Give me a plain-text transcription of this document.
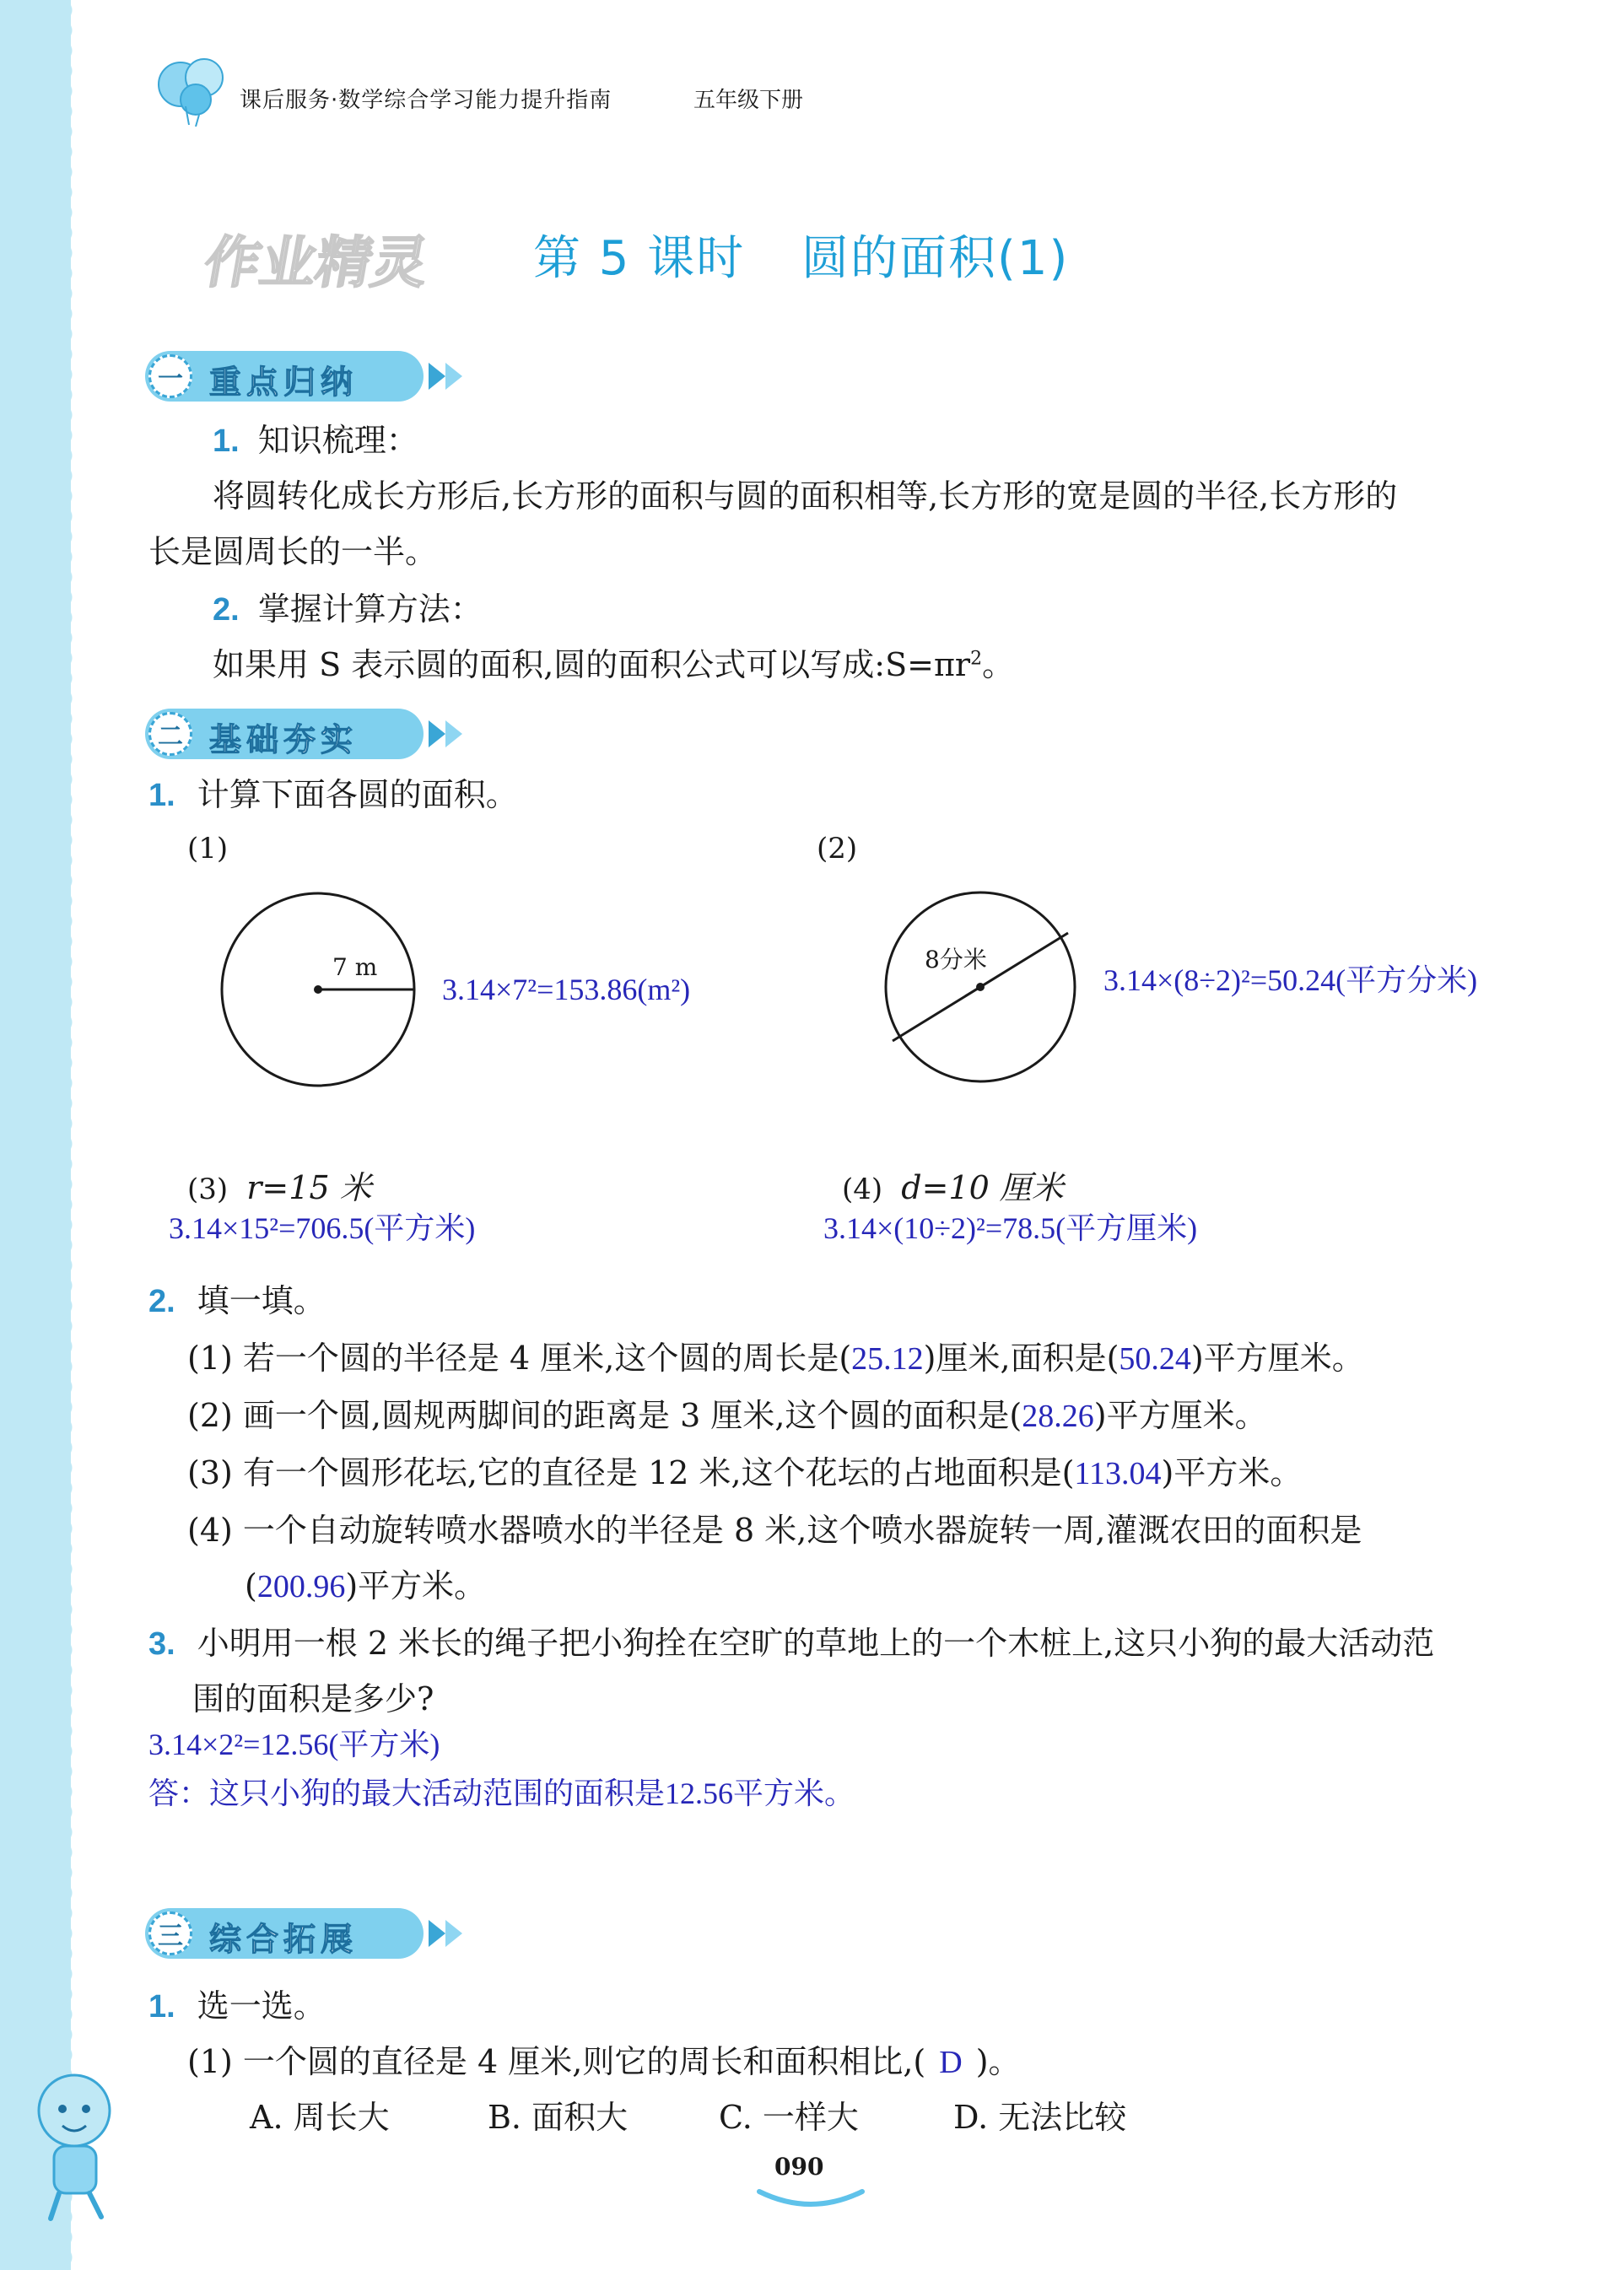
课后服务·数学综合学习能力提升指南	五年级下册
作业精灵 第 5 课时 圆的面积(1)
一 重点归纳
1. 知识梳理：
将圆转化成长方形后,长方形的面积与圆的面积相等,长方形的宽是圆的半径,长方形的
长是圆周长的一半。
2. 掌握计算方法：
如果用 S 表示圆的面积,圆的面积公式可以写成$:S=\pi r^2$。
二 基础夯实
1. 计算下面各圆的面积。
(1)	(2)
7 m
3.14×7²=153.86(m²)
8分米
3.14×(8÷2)²=50.24(平方分米)
(3) r=15 米
3.14×15²=706.5(平方米)
(4) d=10 厘米
3.14×(10÷2)²=78.5(平方厘米)
2. 填一填。
(1) 若一个圆的半径是 4 厘米,这个圆的周长是(25.12)厘米,面积是(50.24)平方厘米。
(2) 画一个圆,圆规两脚间的距离是 3 厘米,这个圆的面积是(28.26)平方厘米。
(3) 有一个圆形花坛,它的直径是 12 米,这个花坛的占地面积是(113.04)平方米。
(4) 一个自动旋转喷水器喷水的半径是 8 米,这个喷水器旋转一周,灌溉农田的面积是
(200.96)平方米。
3. 小明用一根 2 米长的绳子把小狗拴在空旷的草地上的一个木桩上,这只小狗的最大活动范
围的面积是多少?
3.14×2²=12.56(平方米)
答：这只小狗的最大活动范围的面积是12.56平方米。
三 综合拓展
1. 选一选。
(1) 一个圆的直径是 4 厘米,则它的周长和面积相比,( D )。
A. 周长大	B. 面积大	C. 一样大	D. 无法比较
090
